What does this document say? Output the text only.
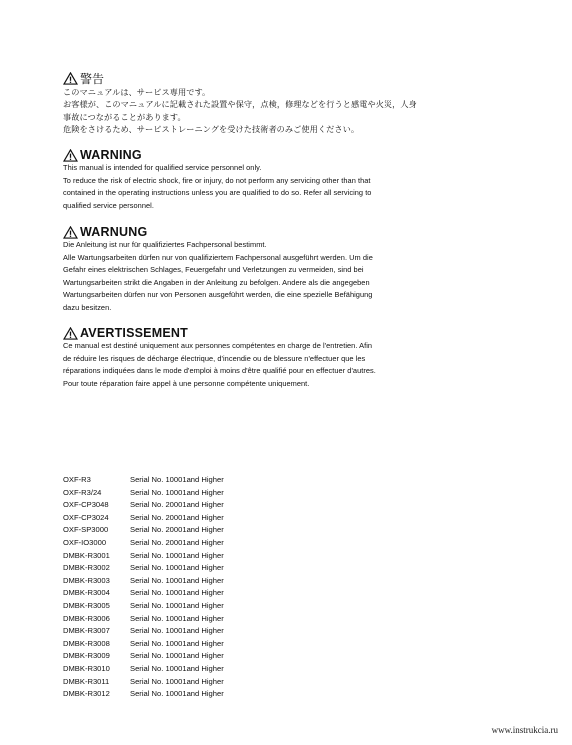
警告

このマニュアルは、サービス専用です。

お客様が、このマニュアルに記載された設置や保守，点検，修理などを行うと感電や火災，人身

事故につながることがあります。

危険をさけるため、サービストレーニングを受けた技術者のみご使用ください。

WARNING

This manual is intended for qualified service personnel only.

To reduce the risk of electric shock, fire or injury, do not perform any servicing other than that

contained in the operating instructions unless you are qualified to do so. Refer all servicing to

qualified service personnel.

WARNUNG

Die Anleitung ist nur für qualifiziertes Fachpersonal bestimmt.

Alle Wartungsarbeiten dürfen nur von qualifiziertem Fachpersonal ausgeführt werden. Um die

Gefahr eines elektrischen Schlages, Feuergefahr und Verletzungen zu vermeiden, sind bei

Wartungsarbeiten strikt die Angaben in der Anleitung zu befolgen. Andere als die angegeben

Wartungsarbeiten dürfen nur von Personen ausgeführt werden, die eine spezielle Befähigung

dazu besitzen.

AVERTISSEMENT

Ce manual est destiné uniquement aux personnes compétentes en charge de l'entretien. Afin

de réduire les risques de décharge électrique, d'incendie ou de blessure n'effectuer que les

réparations indiquées dans le mode d'emploi à moins d'être qualifié pour en effectuer d'autres.

Pour toute réparation faire appel à une personne compétente uniquement.

OXF-R3	Serial No. 10001and Higher
OXF-R3/24	Serial No. 10001and Higher
OXF-CP3048	Serial No. 20001and Higher
OXF-CP3024	Serial No. 20001and Higher
OXF-SP3000	Serial No. 20001and Higher
OXF-IO3000	Serial No. 20001and Higher
DMBK-R3001	Serial No. 10001and Higher
DMBK-R3002	Serial No. 10001and Higher
DMBK-R3003	Serial No. 10001and Higher
DMBK-R3004	Serial No. 10001and Higher
DMBK-R3005	Serial No. 10001and Higher
DMBK-R3006	Serial No. 10001and Higher
DMBK-R3007	Serial No. 10001and Higher
DMBK-R3008	Serial No. 10001and Higher
DMBK-R3009	Serial No. 10001and Higher
DMBK-R3010	Serial No. 10001and Higher
DMBK-R3011	Serial No. 10001and Higher
DMBK-R3012	Serial No. 10001and Higher
www.instrukcia.ru
